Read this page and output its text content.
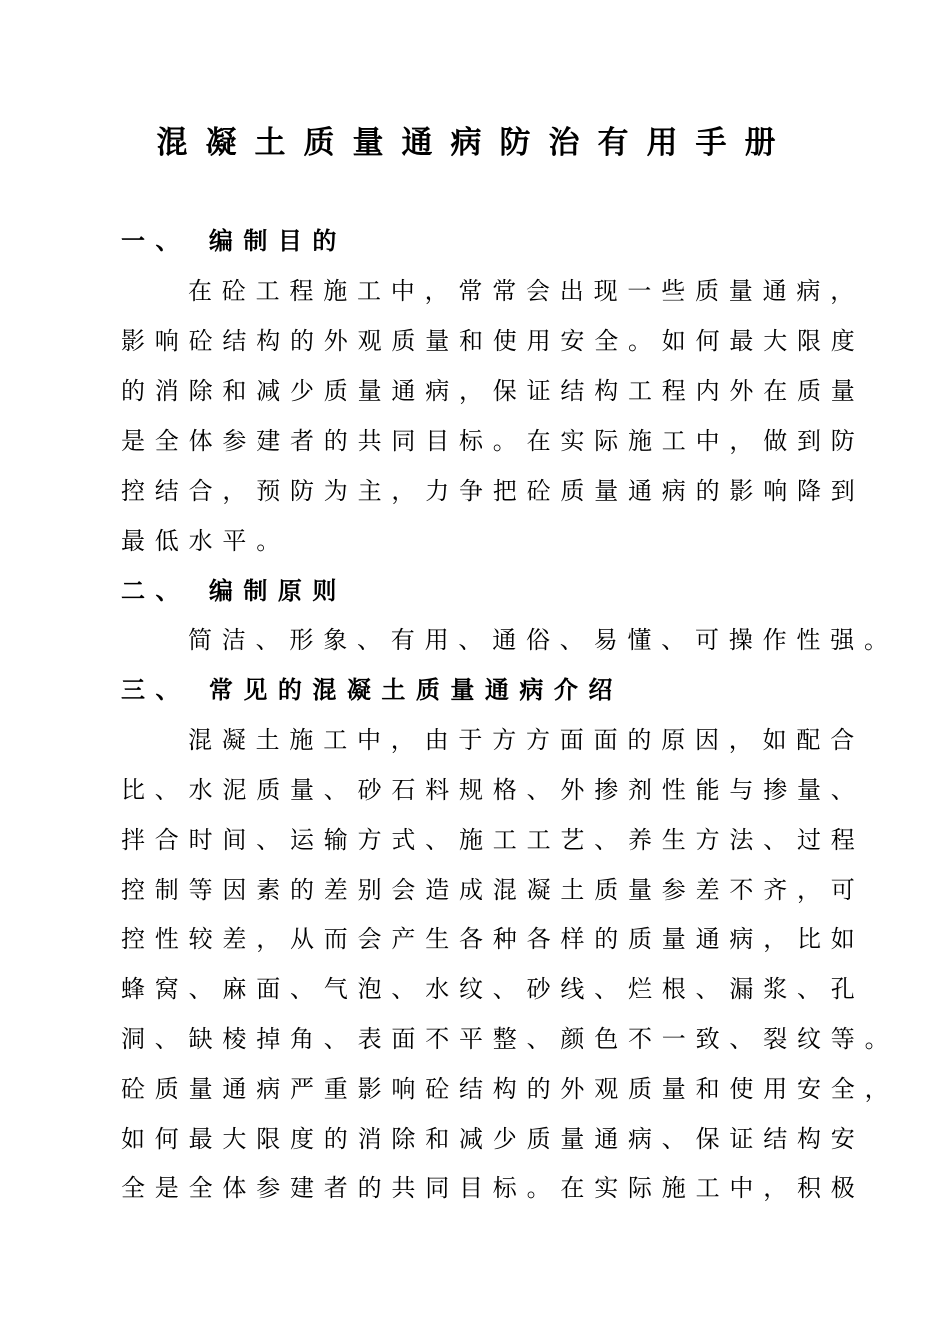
混凝土质量通病防治有用手册
一、 编制目的
在砼工程施工中，常常会出现一些质量通病，
影响砼结构的外观质量和使用安全。如何最大限度
的消除和减少质量通病，保证结构工程内外在质量
是全体参建者的共同目标。在实际施工中，做到防
控结合，预防为主，力争把砼质量通病的影响降到
最低水平。
二、 编制原则
简洁、形象、有用、通俗、易懂、可操作性强。
三、 常见的混凝土质量通病介绍
混凝土施工中，由于方方面面的原因，如配合
比、水泥质量、砂石料规格、外掺剂性能与掺量、
拌合时间、运输方式、施工工艺、养生方法、过程
控制等因素的差别会造成混凝土质量参差不齐，可
控性较差，从而会产生各种各样的质量通病，比如
蜂窝、麻面、气泡、水纹、砂线、烂根、漏浆、孔
洞、缺棱掉角、表面不平整、颜色不一致、裂纹等。
砼质量通病严重影响砼结构的外观质量和使用安全，
如何最大限度的消除和减少质量通病、保证结构安
全是全体参建者的共同目标。在实际施工中，积极
